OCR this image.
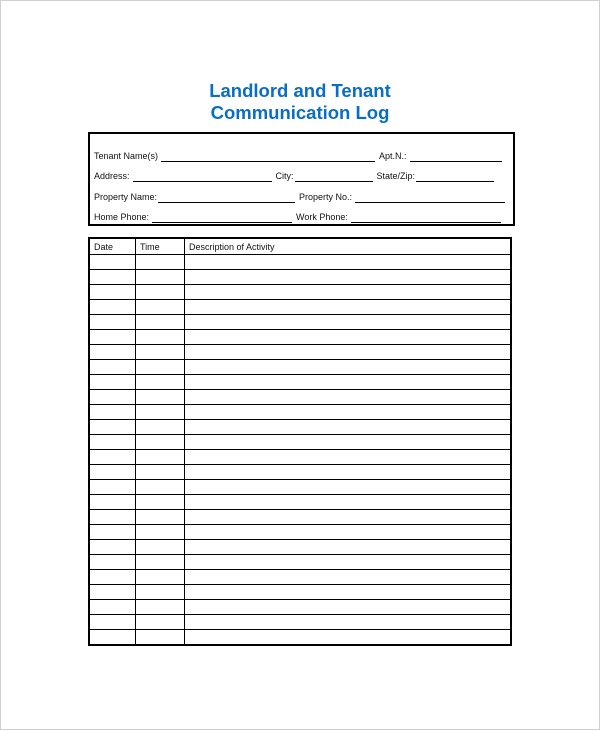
Landlord and Tenant
Communication Log
Tenant Name(s)	Apt.N.:
Address:	City:	State/Zip:
Property Name:	Property No.:
Home Phone:	Work Phone:
Date	Time	Description of Activity
